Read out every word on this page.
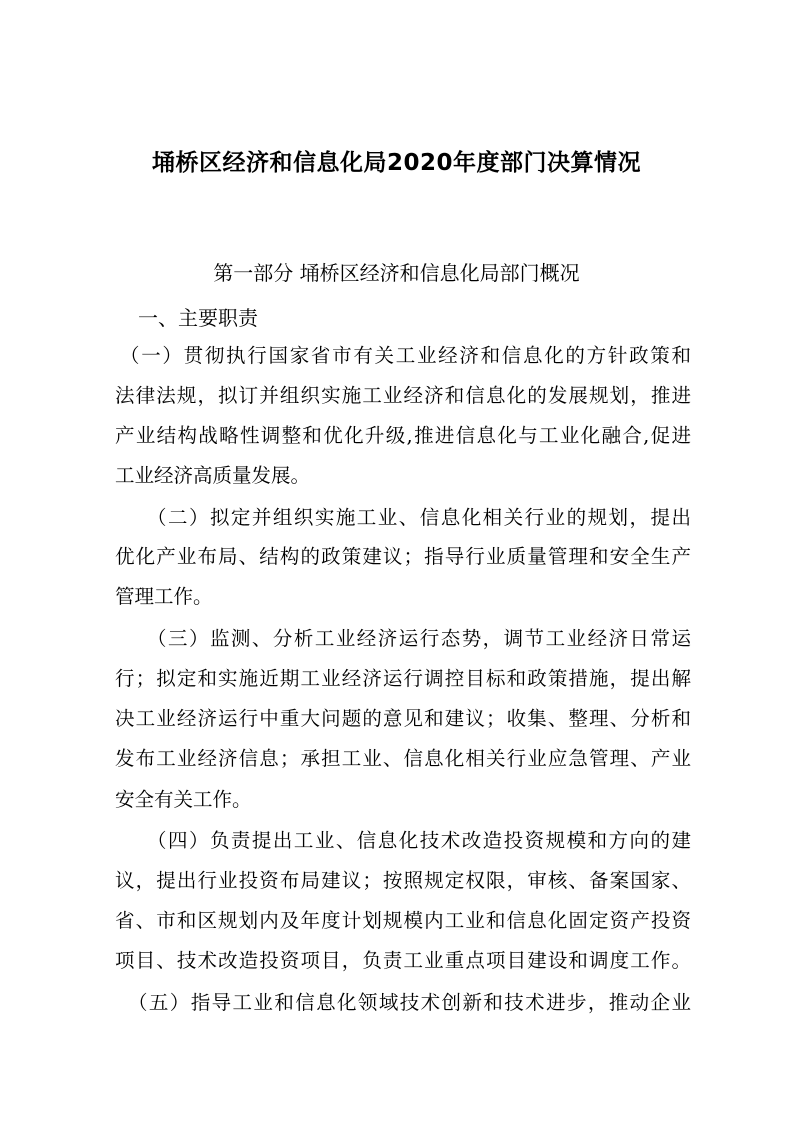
埇桥区经济和信息化局2020年度部门决算情况
第一部分 埇桥区经济和信息化局部门概况
一、主要职责
（一）贯彻执行国家省市有关工业经济和信息化的方针政策和
法律法规，拟订并组织实施工业经济和信息化的发展规划，推进
产业结构战略性调整和优化升级,推进信息化与工业化融合,促进
工业经济高质量发展。
（二）拟定并组织实施工业、信息化相关行业的规划，提出
优化产业布局、结构的政策建议；指导行业质量管理和安全生产
管理工作。
（三）监测、分析工业经济运行态势，调节工业经济日常运
行；拟定和实施近期工业经济运行调控目标和政策措施，提出解
决工业经济运行中重大问题的意见和建议；收集、整理、分析和
发布工业经济信息；承担工业、信息化相关行业应急管理、产业
安全有关工作。
（四）负责提出工业、信息化技术改造投资规模和方向的建
议，提出行业投资布局建议；按照规定权限，审核、备案国家、
省、市和区规划内及年度计划规模内工业和信息化固定资产投资
项目、技术改造投资项目，负责工业重点项目建设和调度工作。
（五）指导工业和信息化领域技术创新和技术进步，推动企业
